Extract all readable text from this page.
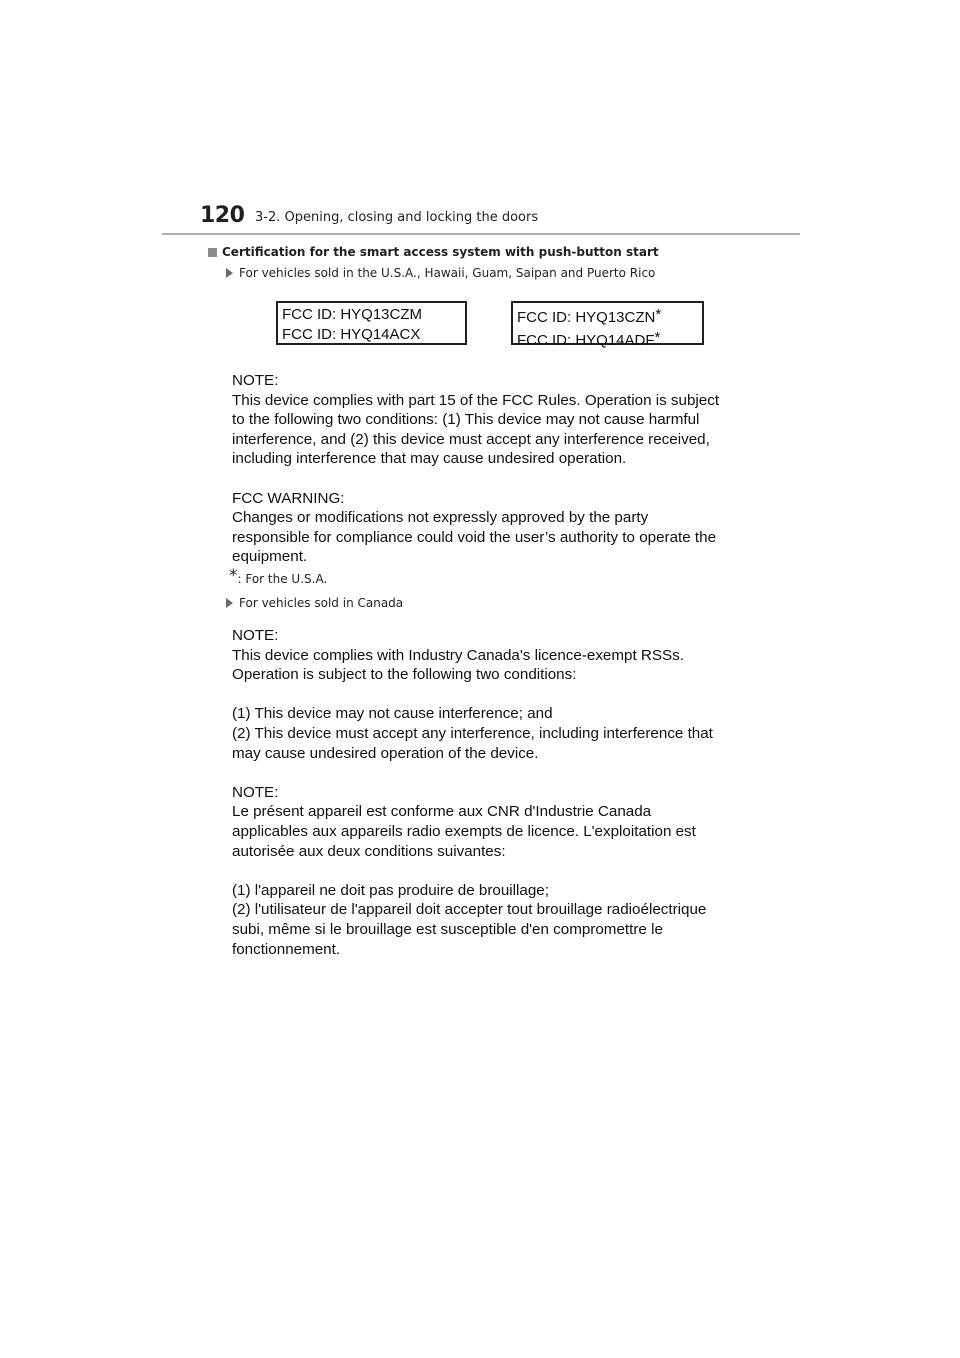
120 3-2. Opening, closing and locking the doors
Certification for the smart access system with push-button start
For vehicles sold in the U.S.A., Hawaii, Guam, Saipan and Puerto Rico
FCC ID: HYQ13CZM
FCC ID: HYQ14ACX
FCC ID: HYQ13CZN*
FCC ID: HYQ14ADF*
NOTE:
This device complies with part 15 of the FCC Rules. Operation is subject
to the following two conditions: (1) This device may not cause harmful
interference, and (2) this device must accept any interference received,
including interference that may cause undesired operation.
FCC WARNING:
Changes or modifications not expressly approved by the party
responsible for compliance could void the user’s authority to operate the
equipment.
*: For the U.S.A.
For vehicles sold in Canada
NOTE:
This device complies with Industry Canada's licence-exempt RSSs.
Operation is subject to the following two conditions:
(1) This device may not cause interference; and
(2) This device must accept any interference, including interference that
may cause undesired operation of the device.
NOTE:
Le présent appareil est conforme aux CNR d'Industrie Canada
applicables aux appareils radio exempts de licence. L'exploitation est
autorisée aux deux conditions suivantes:
(1) l'appareil ne doit pas produire de brouillage;
(2) l'utilisateur de l'appareil doit accepter tout brouillage radioélectrique
subi, même si le brouillage est susceptible d'en compromettre le
fonctionnement.
